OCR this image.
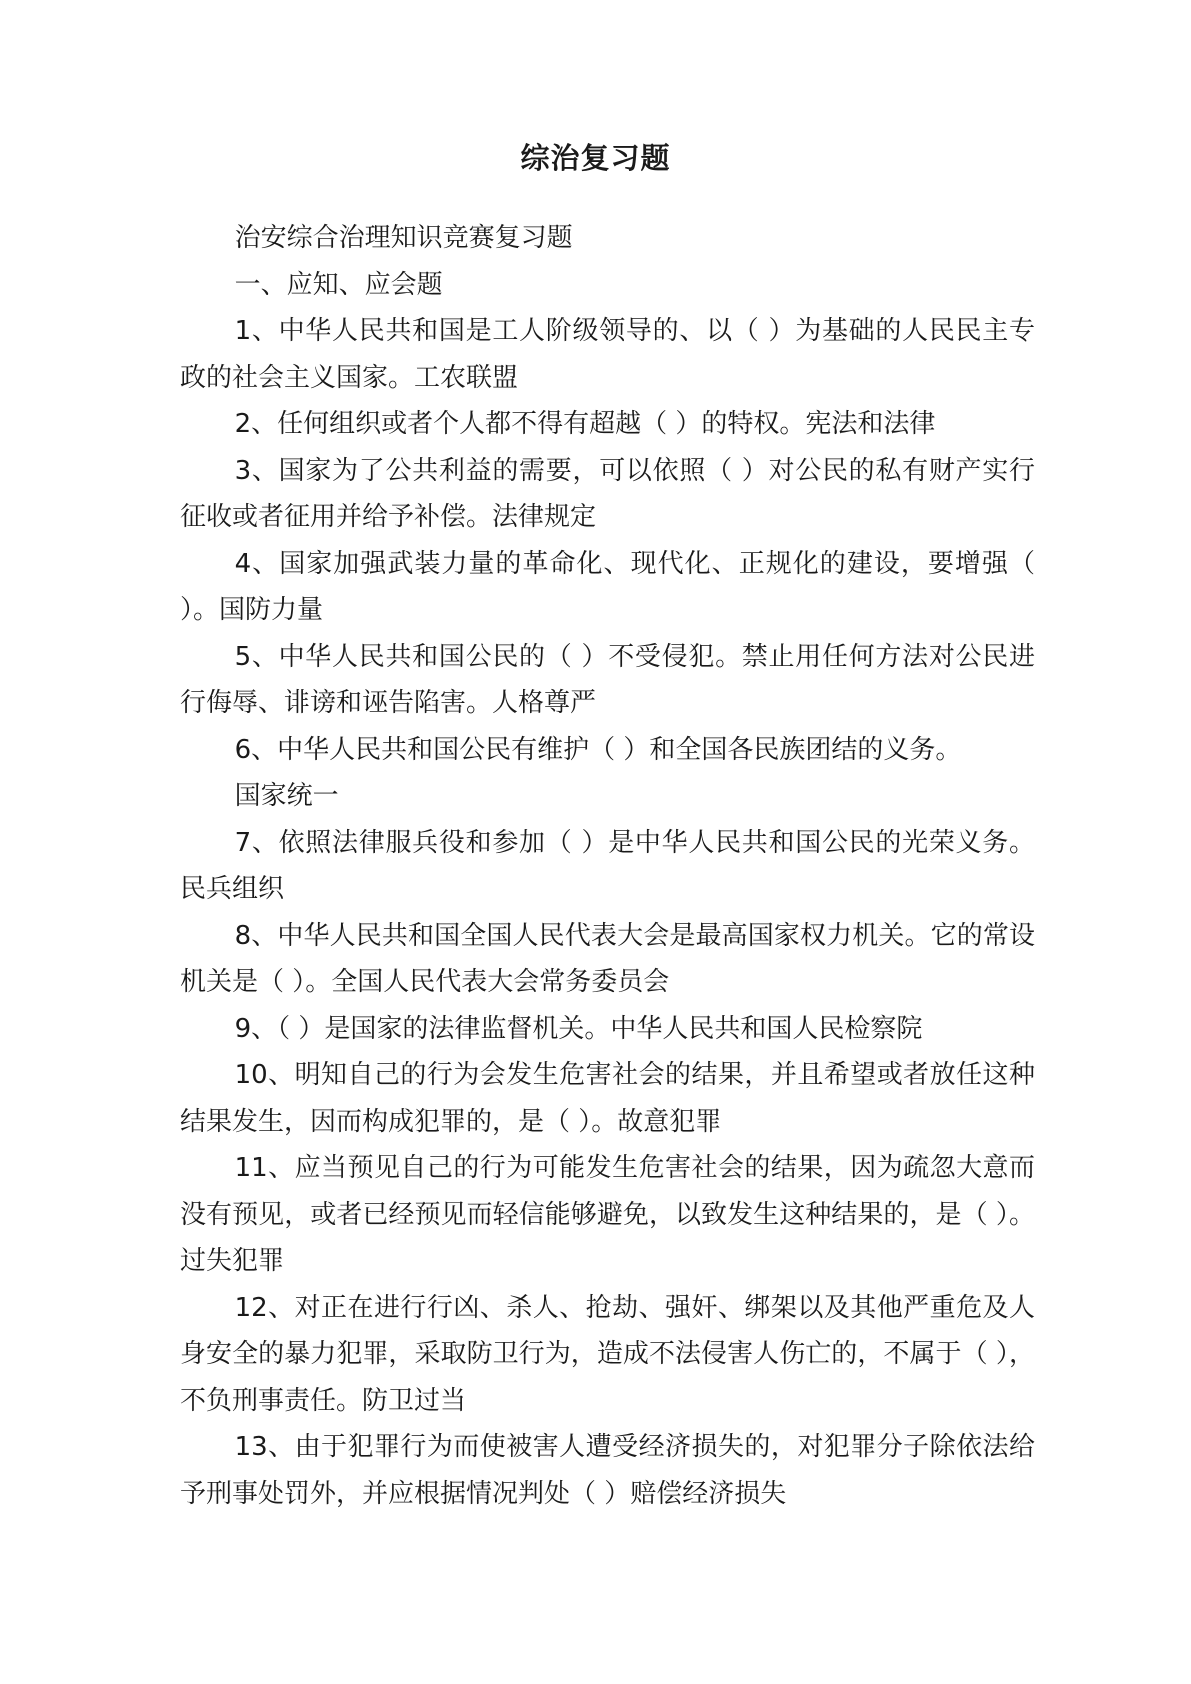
综治复习题

治安综合治理知识竞赛复习题

一、应知、应会题

1、中华人民共和国是工人阶级领导的、以（ ）为基础的人民民主专政的社会主义国家。工农联盟

2、任何组织或者个人都不得有超越（ ）的特权。宪法和法律

3、国家为了公共利益的需要，可以依照（ ）对公民的私有财产实行征收或者征用并给予补偿。法律规定

4、国家加强武装力量的革命化、现代化、正规化的建设，要增强（ ）。国防力量

5、中华人民共和国公民的（ ）不受侵犯。禁止用任何方法对公民进行侮辱、诽谤和诬告陷害。人格尊严

6、中华人民共和国公民有维护（ ）和全国各民族团结的义务。

国家统一

7、依照法律服兵役和参加（ ）是中华人民共和国公民的光荣义务。民兵组织

8、中华人民共和国全国人民代表大会是最高国家权力机关。它的常设机关是（ ）。全国人民代表大会常务委员会

9、（ ）是国家的法律监督机关。中华人民共和国人民检察院

10、明知自己的行为会发生危害社会的结果，并且希望或者放任这种结果发生，因而构成犯罪的，是（ ）。故意犯罪

11、应当预见自己的行为可能发生危害社会的结果，因为疏忽大意而没有预见，或者已经预见而轻信能够避免，以致发生这种结果的，是（ ）。过失犯罪

12、对正在进行行凶、杀人、抢劫、强奸、绑架以及其他严重危及人身安全的暴力犯罪，采取防卫行为，造成不法侵害人伤亡的，不属于（ ），不负刑事责任。防卫过当

13、由于犯罪行为而使被害人遭受经济损失的，对犯罪分子除依法给予刑事处罚外，并应根据情况判处（ ）赔偿经济损失
